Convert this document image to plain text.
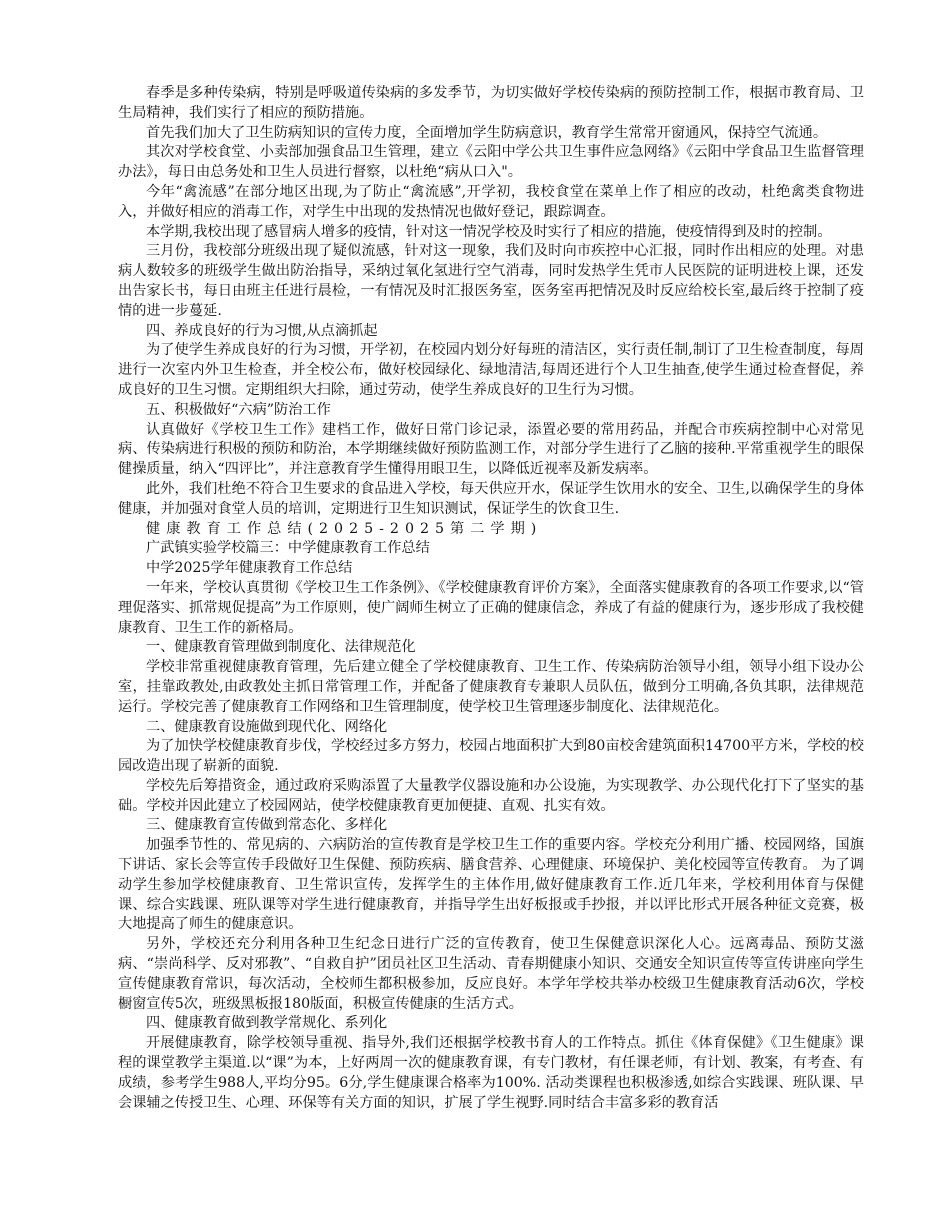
春季是多种传染病，特别是呼吸道传染病的多发季节，为切实做好学校传染病的预防控制工作，根据市教育局、卫生局精神，我们实行了相应的预防措施。

首先我们加大了卫生防病知识的宣传力度，全面增加学生防病意识，教育学生常常开窗通风，保持空气流通。

其次对学校食堂、小卖部加强食品卫生管理，建立《云阳中学公共卫生事件应急网络》《云阳中学食品卫生监督管理办法》，每日由总务处和卫生人员进行督察，以杜绝“病从口入"。

今年“禽流感”在部分地区出现,为了防止“禽流感”,开学初，我校食堂在菜单上作了相应的改动，杜绝禽类食物进入，并做好相应的消毒工作，对学生中出现的发热情况也做好登记，跟踪调查。

本学期,我校出现了感冒病人增多的疫情，针对这一情况学校及时实行了相应的措施，使疫情得到及时的控制。

三月份，我校部分班级出现了疑似流感，针对这一现象，我们及时向市疾控中心汇报，同时作出相应的处理。对患病人数较多的班级学生做出防治指导，采纳过氧化氢进行空气消毒，同时发热学生凭市人民医院的证明进校上课，还发出告家长书，每日由班主任进行晨检，一有情况及时汇报医务室，医务室再把情况及时反应给校长室,最后终于控制了疫情的进一步蔓延.

四、养成良好的行为习惯,从点滴抓起

为了使学生养成良好的行为习惯，开学初，在校园内划分好每班的清洁区，实行责任制,制订了卫生检查制度，每周进行一次室内外卫生检查，并全校公布，做好校园绿化、绿地清洁,每周还进行个人卫生抽查,使学生通过检查督促，养成良好的卫生习惯。定期组织大扫除，通过劳动，使学生养成良好的卫生行为习惯。

五、积极做好“六病”防治工作

认真做好《学校卫生工作》建档工作，做好日常门诊记录，添置必要的常用药品，并配合市疾病控制中心对常见病、传染病进行积极的预防和防治，本学期继续做好预防监测工作，对部分学生进行了乙脑的接种.平常重视学生的眼保健操质量，纳入“四评比”，并注意教育学生懂得用眼卫生，以降低近视率及新发病率。

此外，我们杜绝不符合卫生要求的食品进入学校，每天供应开水，保证学生饮用水的安全、卫生,以确保学生的身体健康，并加强对食堂人员的培训，定期进行卫生知识测试，保证学生的饮食卫生.

健康教育工作总结(2025-2025第二学期)

广武镇实验学校篇三：中学健康教育工作总结

中学2025学年健康教育工作总结

一年来，学校认真贯彻《学校卫生工作条例》、《学校健康教育评价方案》，全面落实健康教育的各项工作要求,以“管理促落实、抓常规促提高”为工作原则，使广阔师生树立了正确的健康信念，养成了有益的健康行为，逐步形成了我校健康教育、卫生工作的新格局。

一、健康教育管理做到制度化、法律规范化

学校非常重视健康教育管理，先后建立健全了学校健康教育、卫生工作、传染病防治领导小组，领导小组下设办公室，挂靠政教处,由政教处主抓日常管理工作，并配备了健康教育专兼职人员队伍，做到分工明确,各负其职，法律规范运行。学校完善了健康教育工作网络和卫生管理制度，使学校卫生管理逐步制度化、法律规范化。

二、健康教育设施做到现代化、网络化

为了加快学校健康教育步伐，学校经过多方努力，校园占地面积扩大到80亩校舍建筑面积14700平方米，学校的校园改造出现了崭新的面貌.

学校先后筹措资金，通过政府采购添置了大量教学仪器设施和办公设施，为实现教学、办公现代化打下了坚实的基础。学校并因此建立了校园网站，使学校健康教育更加便捷、直观、扎实有效。

三、健康教育宣传做到常态化、多样化

加强季节性的、常见病的、六病防治的宣传教育是学校卫生工作的重要内容。学校充分利用广播、校园网络，国旗下讲话、家长会等宣传手段做好卫生保健、预防疾病、膳食营养、心理健康、环境保护、美化校园等宣传教育。 为了调动学生参加学校健康教育、卫生常识宣传，发挥学生的主体作用,做好健康教育工作.近几年来，学校利用体育与保健课、综合实践课、班队课等对学生进行健康教育，并指导学生出好板报或手抄报，并以评比形式开展各种征文竞赛，极大地提高了师生的健康意识。

另外，学校还充分利用各种卫生纪念日进行广泛的宣传教育，使卫生保健意识深化人心。远离毒品、预防艾滋病、“崇尚科学、反对邪教”、“自救自护”团员社区卫生活动、青春期健康小知识、交通安全知识宣传等宣传讲座向学生宣传健康教育常识，每次活动，全校师生都积极参加，反应良好。本学年学校共举办校级卫生健康教育活动6次，学校橱窗宣传5次，班级黑板报180版面，积极宣传健康的生活方式。

四、健康教育做到教学常规化、系列化

开展健康教育，除学校领导重视、指导外,我们还根据学校教书育人的工作特点。抓住《体育保健》《卫生健康》课程的课堂教学主渠道.以“课”为本，上好两周一次的健康教育课，有专门教材，有任课老师，有计划、教案，有考查、有成绩，参考学生988人,平均分95。6分,学生健康课合格率为100%. 活动类课程也积极渗透,如综合实践课、班队课、早会课辅之传授卫生、心理、环保等有关方面的知识，扩展了学生视野.同时结合丰富多彩的教育活
